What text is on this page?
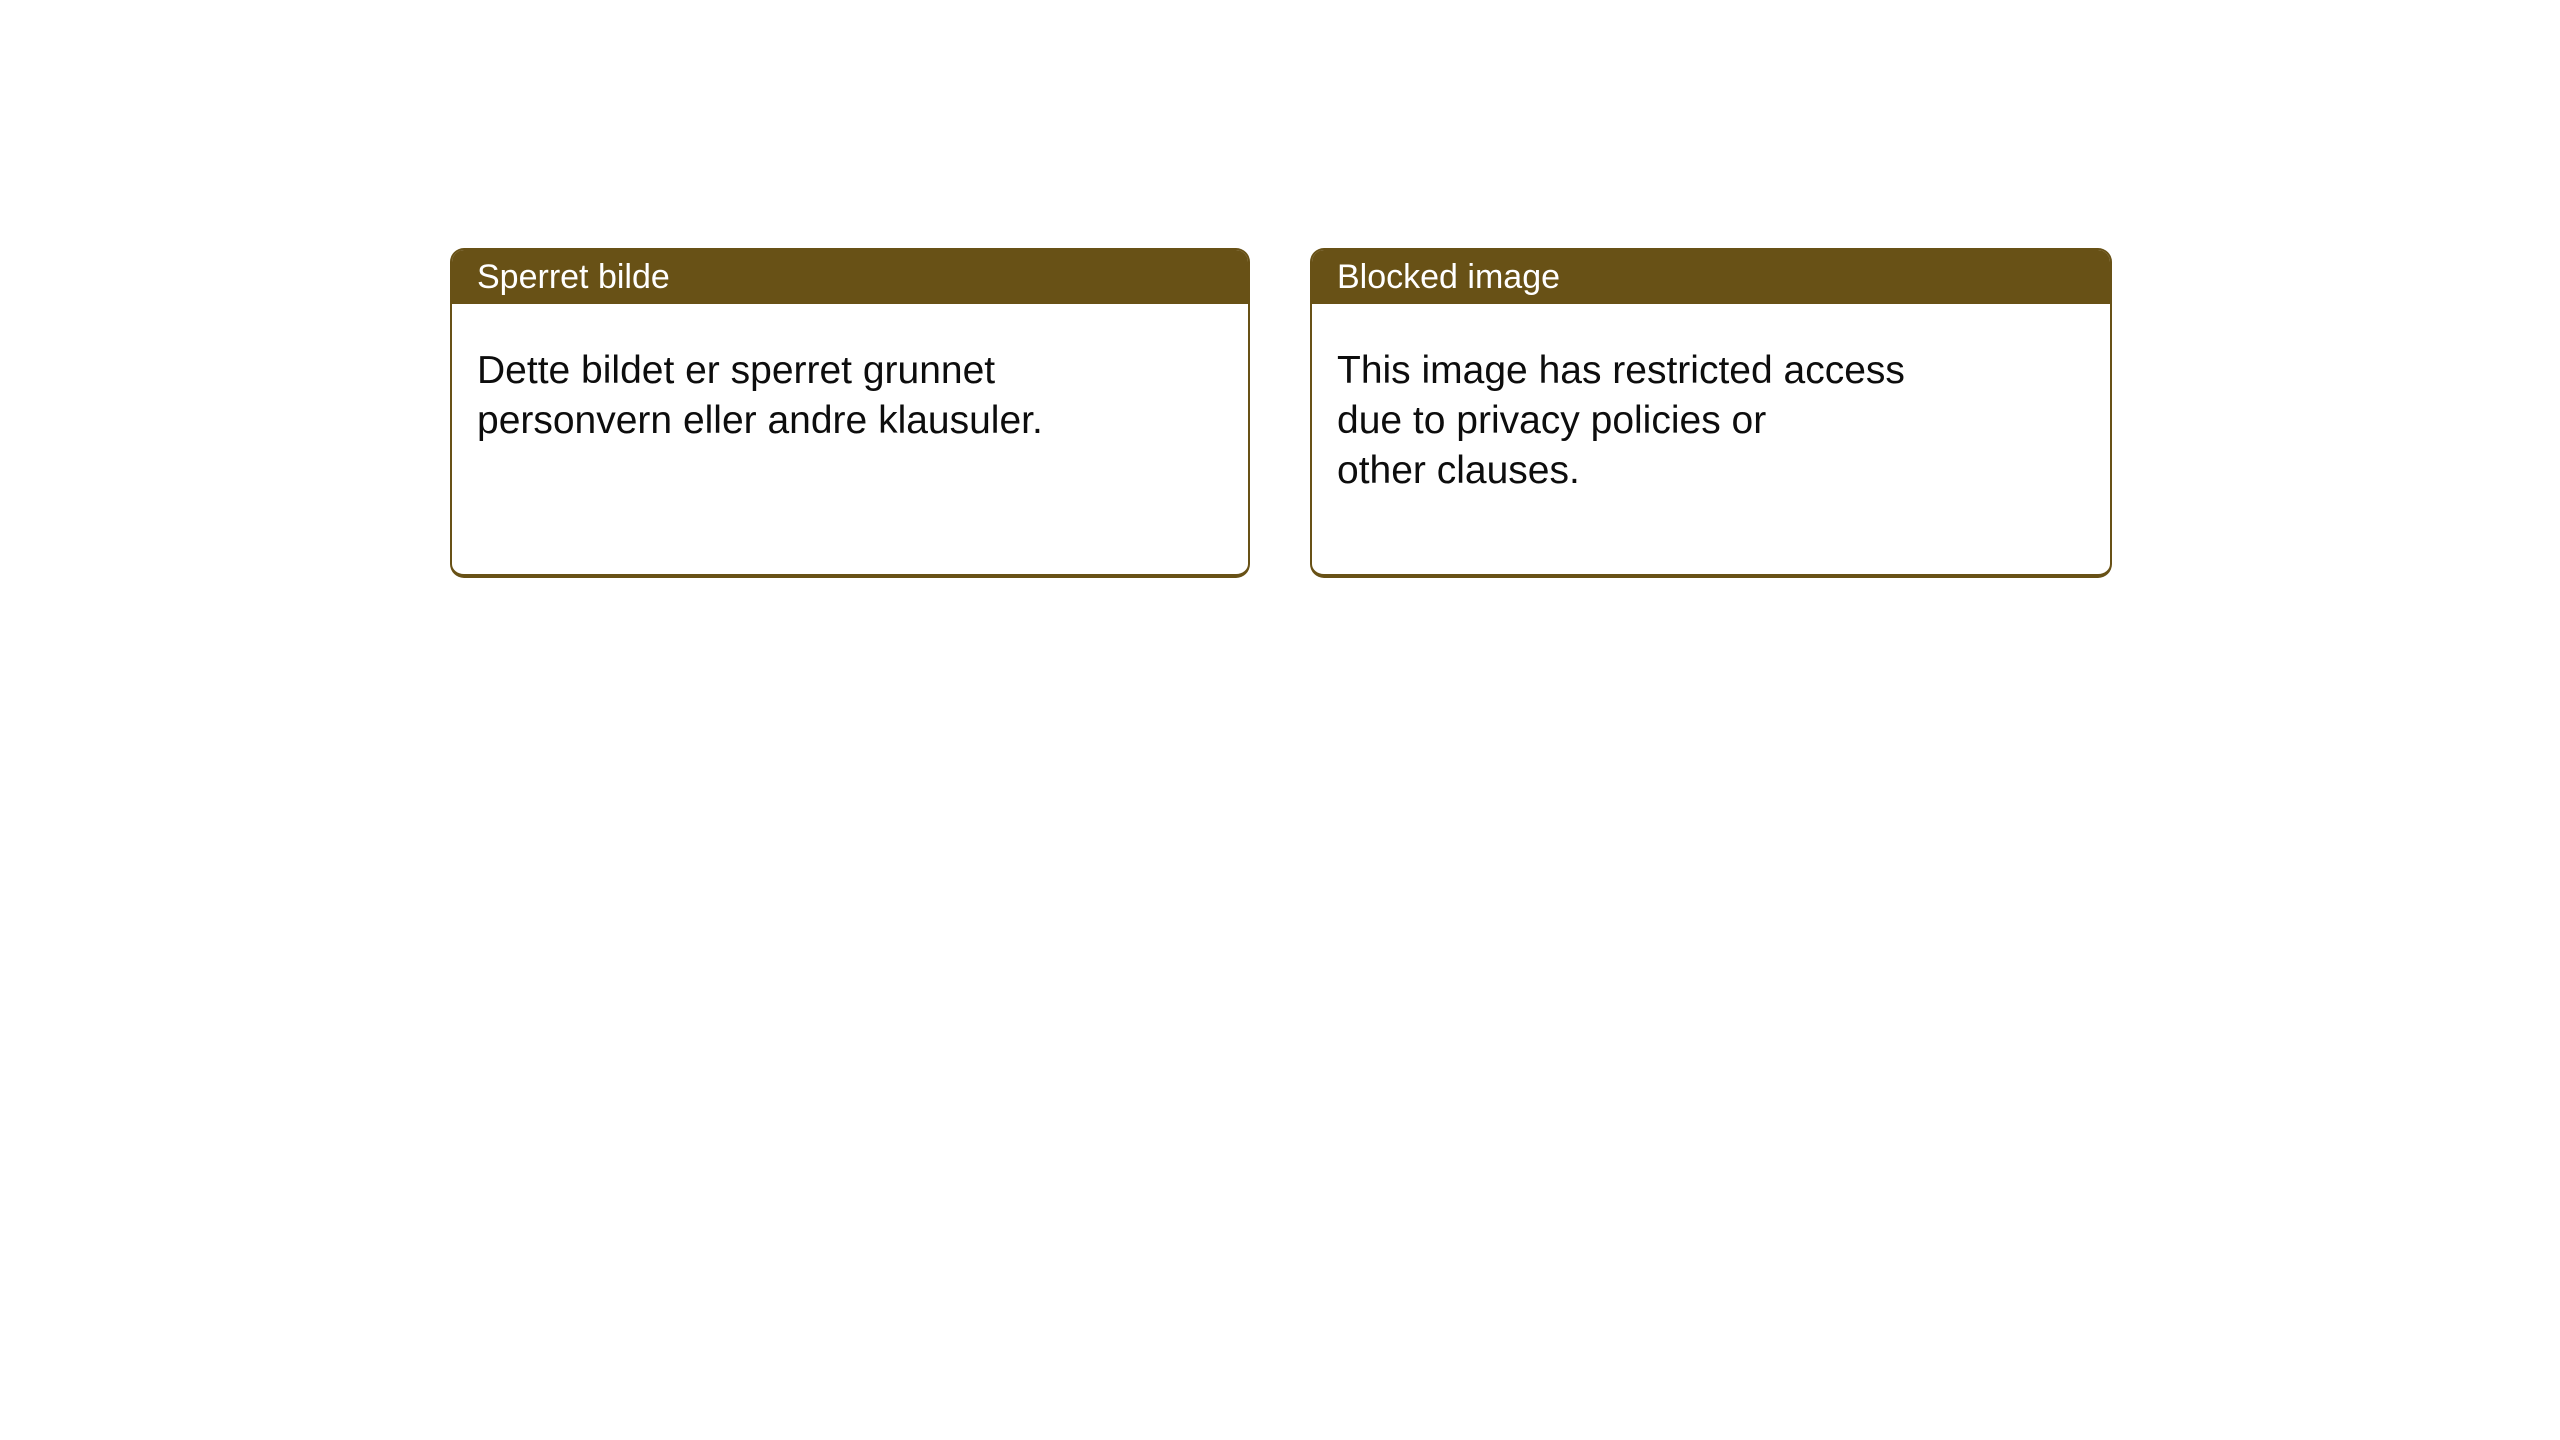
Sperret bilde
Dette bildet er sperret grunnet
personvern eller andre klausuler.
Blocked image
This image has restricted access
due to privacy policies or
other clauses.
